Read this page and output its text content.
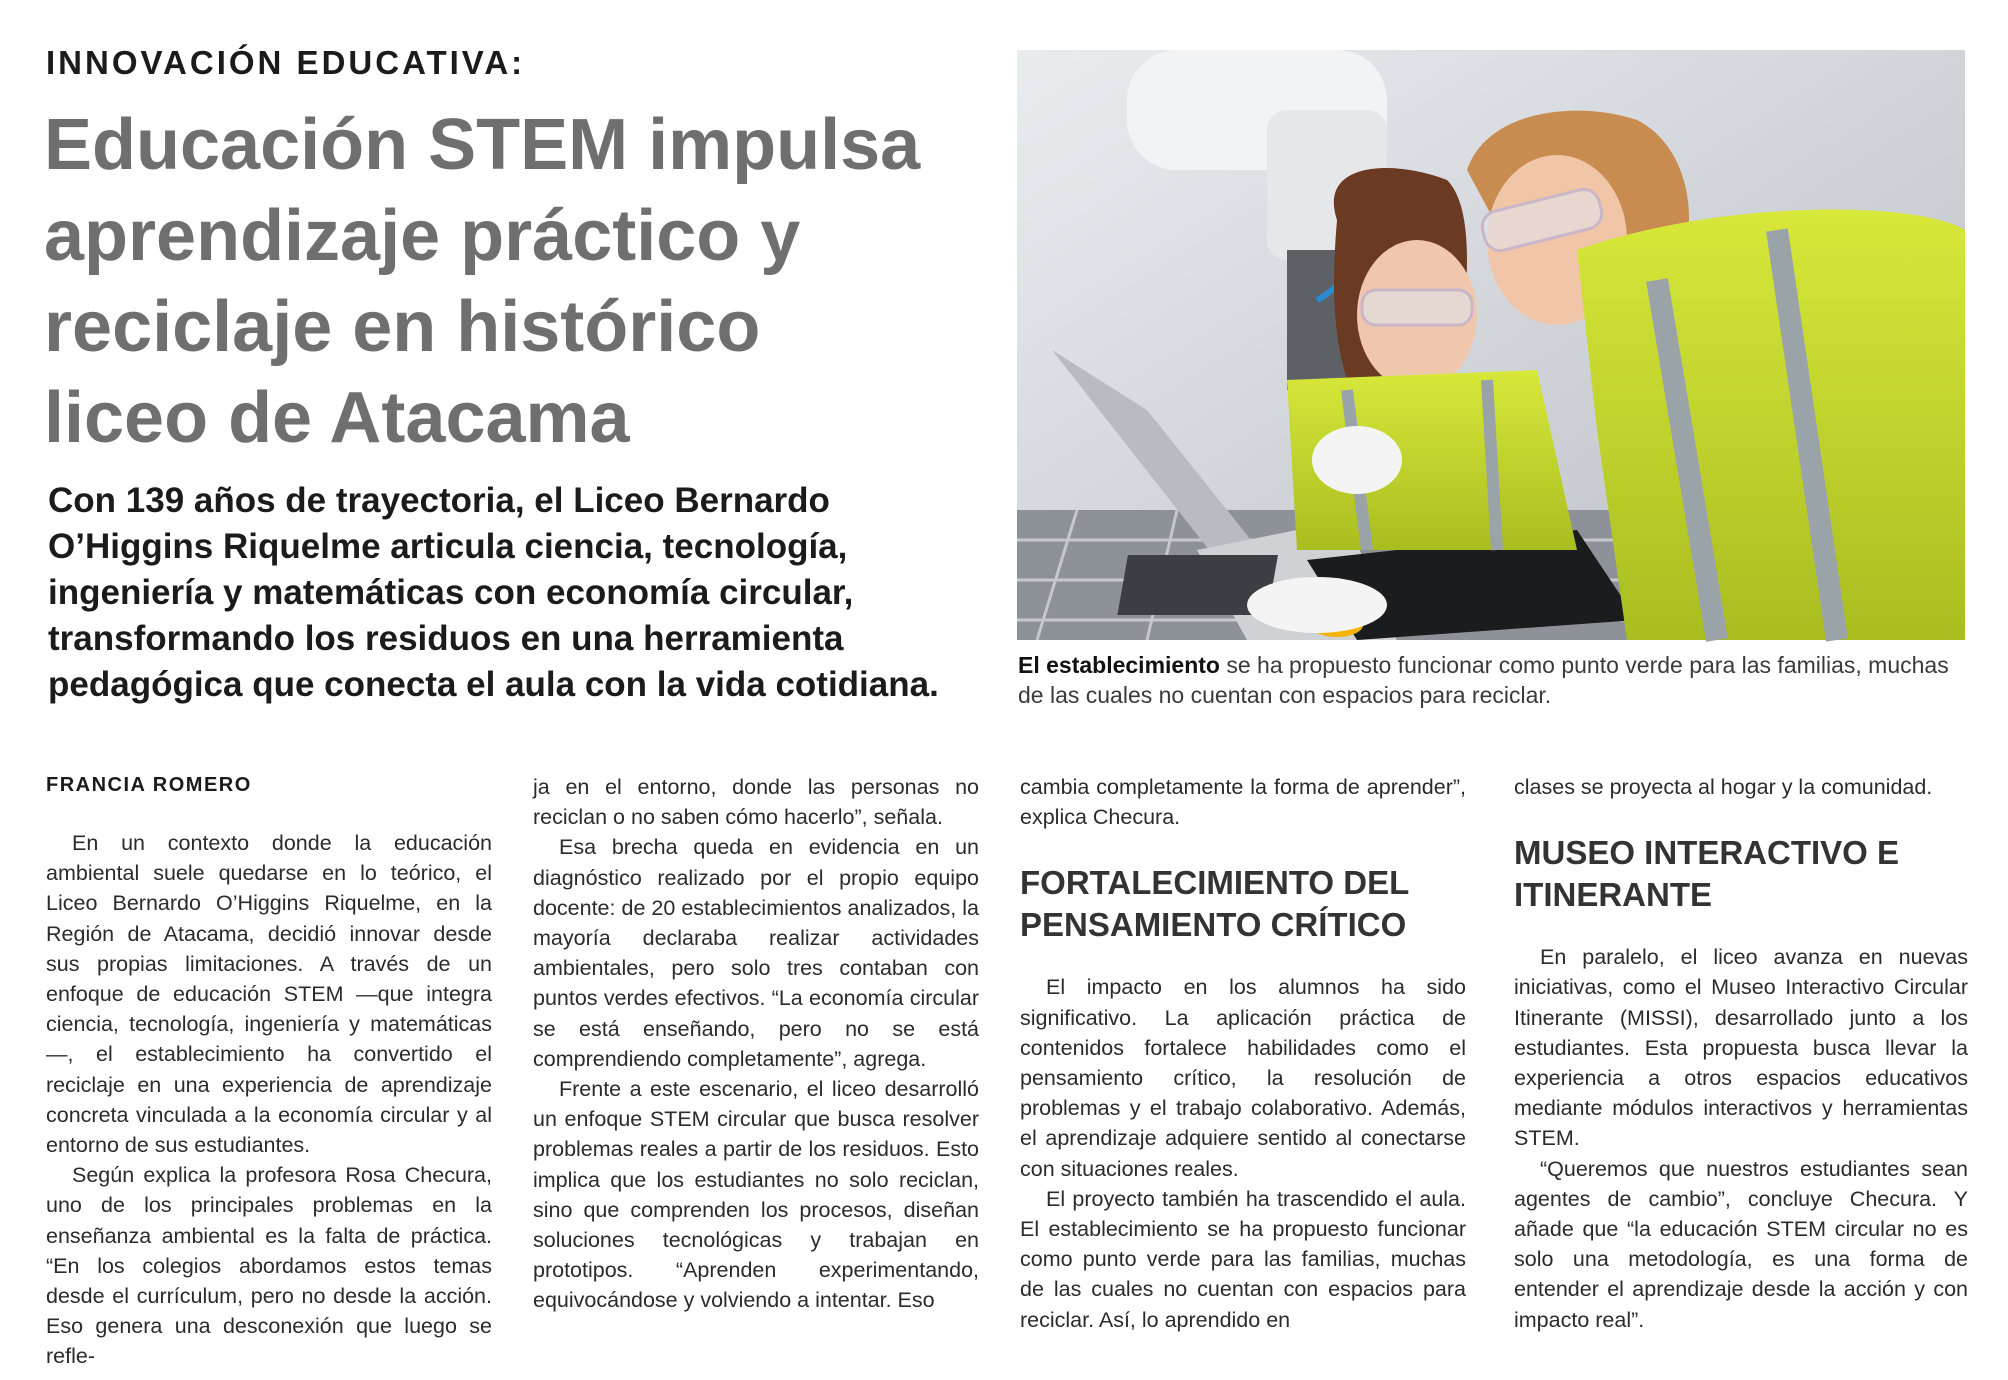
INNOVACIÓN EDUCATIVA:
Educación STEM impulsa
aprendizaje práctico y
reciclaje en histórico
liceo de Atacama
Con 139 años de trayectoria, el Liceo Bernardo
O’Higgins Riquelme articula ciencia, tecnología,
ingeniería y matemáticas con economía circular,
transformando los residuos en una herramienta
pedagógica que conecta el aula con la vida cotidiana.	El establecimiento se ha propuesto funcionar como punto verde para las familias, muchas de las cuales no cuentan con espacios para reciclar.

FRANCIA ROMERO

En un contexto donde la educación ambiental suele quedarse en lo teórico, el Liceo Bernardo O’Higgins Riquelme, en la Región de Atacama, decidió innovar desde sus propias limitaciones. A través de un enfoque de educación STEM —que integra ciencia, tecnología, ingeniería y matemáticas—, el establecimiento ha convertido el reciclaje en una experiencia de aprendizaje concreta vinculada a la economía circular y al entorno de sus estudiantes.

Según explica la profesora Rosa Checura, uno de los principales problemas en la enseñanza ambiental es la falta de práctica. “En los colegios abordamos estos temas desde el currículum, pero no desde la acción. Eso genera una desconexión que luego se refle-

ja en el entorno, donde las personas no reciclan o no saben cómo hacerlo”, señala.

Esa brecha queda en evidencia en un diagnóstico realizado por el propio equipo docente: de 20 establecimientos analizados, la mayoría declaraba realizar actividades ambientales, pero solo tres contaban con puntos verdes efectivos. “La economía circular se está enseñando, pero no se está comprendiendo completamente”, agrega.

Frente a este escenario, el liceo desarrolló un enfoque STEM circular que busca resolver problemas reales a partir de los residuos. Esto implica que los estudiantes no solo reciclan, sino que comprenden los procesos, diseñan soluciones tecnológicas y trabajan en prototipos. “Aprenden experimentando, equivocándose y volviendo a intentar. Eso

cambia completamente la forma de aprender”, explica Checura.

FORTALECIMIENTO DEL PENSAMIENTO CRÍTICO

El impacto en los alumnos ha sido significativo. La aplicación práctica de contenidos fortalece habilidades como el pensamiento crítico, la resolución de problemas y el trabajo colaborativo. Además, el aprendizaje adquiere sentido al conectarse con situaciones reales.

El proyecto también ha trascendido el aula. El establecimiento se ha propuesto funcionar como punto verde para las familias, muchas de las cuales no cuentan con espacios para reciclar. Así, lo aprendido en

clases se proyecta al hogar y la comunidad.

MUSEO INTERACTIVO E ITINERANTE

En paralelo, el liceo avanza en nuevas iniciativas, como el Museo Interactivo Circular Itinerante (MISSI), desarrollado junto a los estudiantes. Esta propuesta busca llevar la experiencia a otros espacios educativos mediante módulos interactivos y herramientas STEM.

“Queremos que nuestros estudiantes sean agentes de cambio”, concluye Checura. Y añade que “la educación STEM circular no es solo una metodología, es una forma de entender el aprendizaje desde la acción y con impacto real”.
